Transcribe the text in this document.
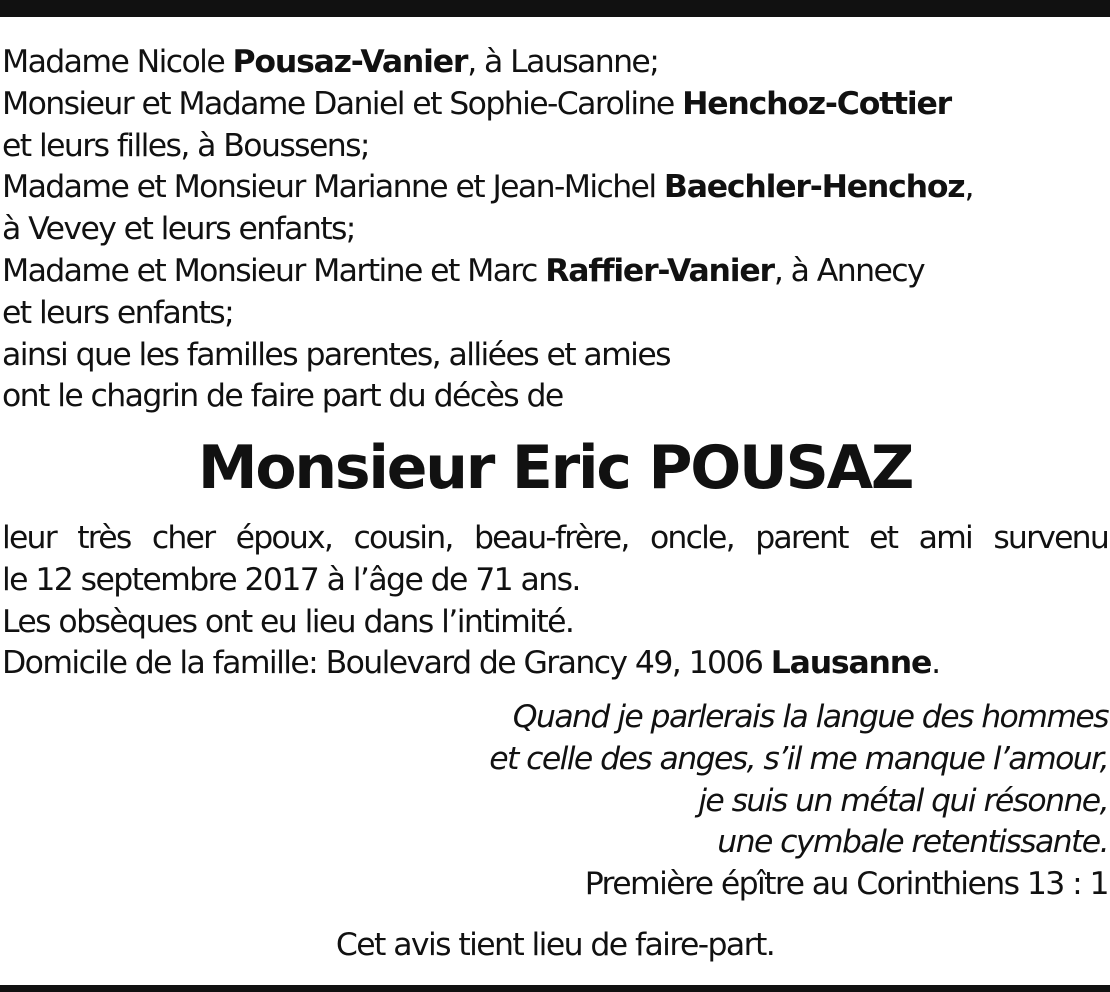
Madame Nicole Pousaz-Vanier, à Lausanne;
Monsieur et Madame Daniel et Sophie-Caroline Henchoz-Cottier
et leurs filles, à Boussens;
Madame et Monsieur Marianne et Jean-Michel Baechler-Henchoz,
à Vevey et leurs enfants;
Madame et Monsieur Martine et Marc Raffier-Vanier, à Annecy
et leurs enfants;
ainsi que les familles parentes, alliées et amies
ont le chagrin de faire part du décès de
Monsieur Eric POUSAZ
leur très cher époux, cousin, beau-frère, oncle, parent et ami survenu
le 12 septembre 2017 à l’âge de 71 ans.
Les obsèques ont eu lieu dans l’intimité.
Domicile de la famille: Boulevard de Grancy 49, 1006 Lausanne.
Quand je parlerais la langue des hommes
et celle des anges, s’il me manque l’amour,
je suis un métal qui résonne,
une cymbale retentissante.
Première épître au Corinthiens 13 : 1
Cet avis tient lieu de faire-part.
